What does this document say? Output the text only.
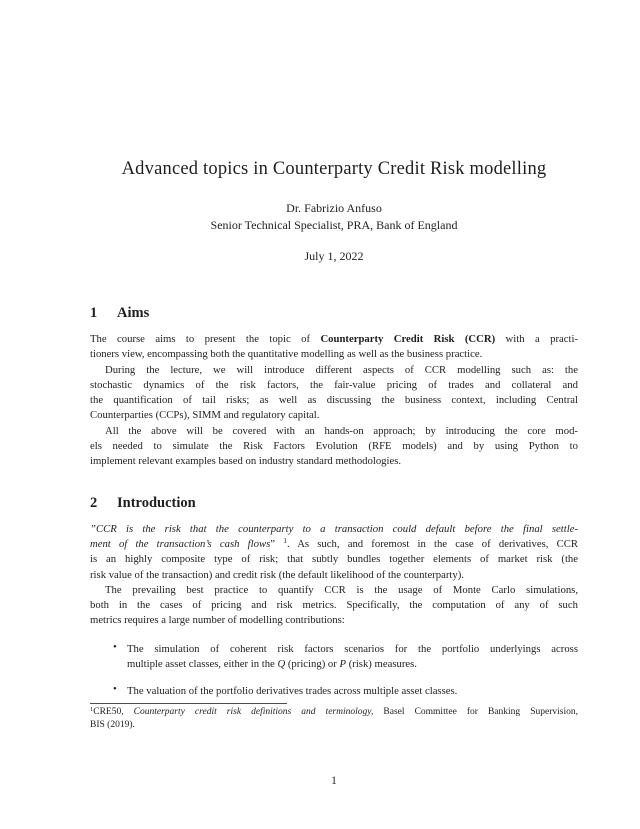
Advanced topics in Counterparty Credit Risk modelling
Dr. Fabrizio Anfuso
Senior Technical Specialist, PRA, Bank of England
July 1, 2022
1 Aims
The course aims to present the topic of Counterparty Credit Risk (CCR) with a practi-
tioners view, encompassing both the quantitative modelling as well as the business practice.
During the lecture, we will introduce different aspects of CCR modelling such as: the
stochastic dynamics of the risk factors, the fair-value pricing of trades and collateral and
the quantification of tail risks; as well as discussing the business context, including Central
Counterparties (CCPs), SIMM and regulatory capital.
All the above will be covered with an hands-on approach; by introducing the core mod-
els needed to simulate the Risk Factors Evolution (RFE models) and by using Python to
implement relevant examples based on industry standard methodologies.
2 Introduction
”CCR is the risk that the counterparty to a transaction could default before the final settle-
ment of the transaction’s cash flows” $^1$. As such, and foremost in the case of derivatives, CCR
is an highly composite type of risk; that subtly bundles together elements of market risk (the
risk value of the transaction) and credit risk (the default likelihood of the counterparty).
The prevailing best practice to quantify CCR is the usage of Monte Carlo simulations,
both in the cases of pricing and risk metrics. Specifically, the computation of any of such
metrics requires a large number of modelling contributions:
• The simulation of coherent risk factors scenarios for the portfolio underlyings across
multiple asset classes, either in the Q (pricing) or P (risk) measures.
• The valuation of the portfolio derivatives trades across multiple asset classes.
$^1$CRE50, Counterparty credit risk definitions and terminology, Basel Committee for Banking Supervision,
BIS (2019).
1
